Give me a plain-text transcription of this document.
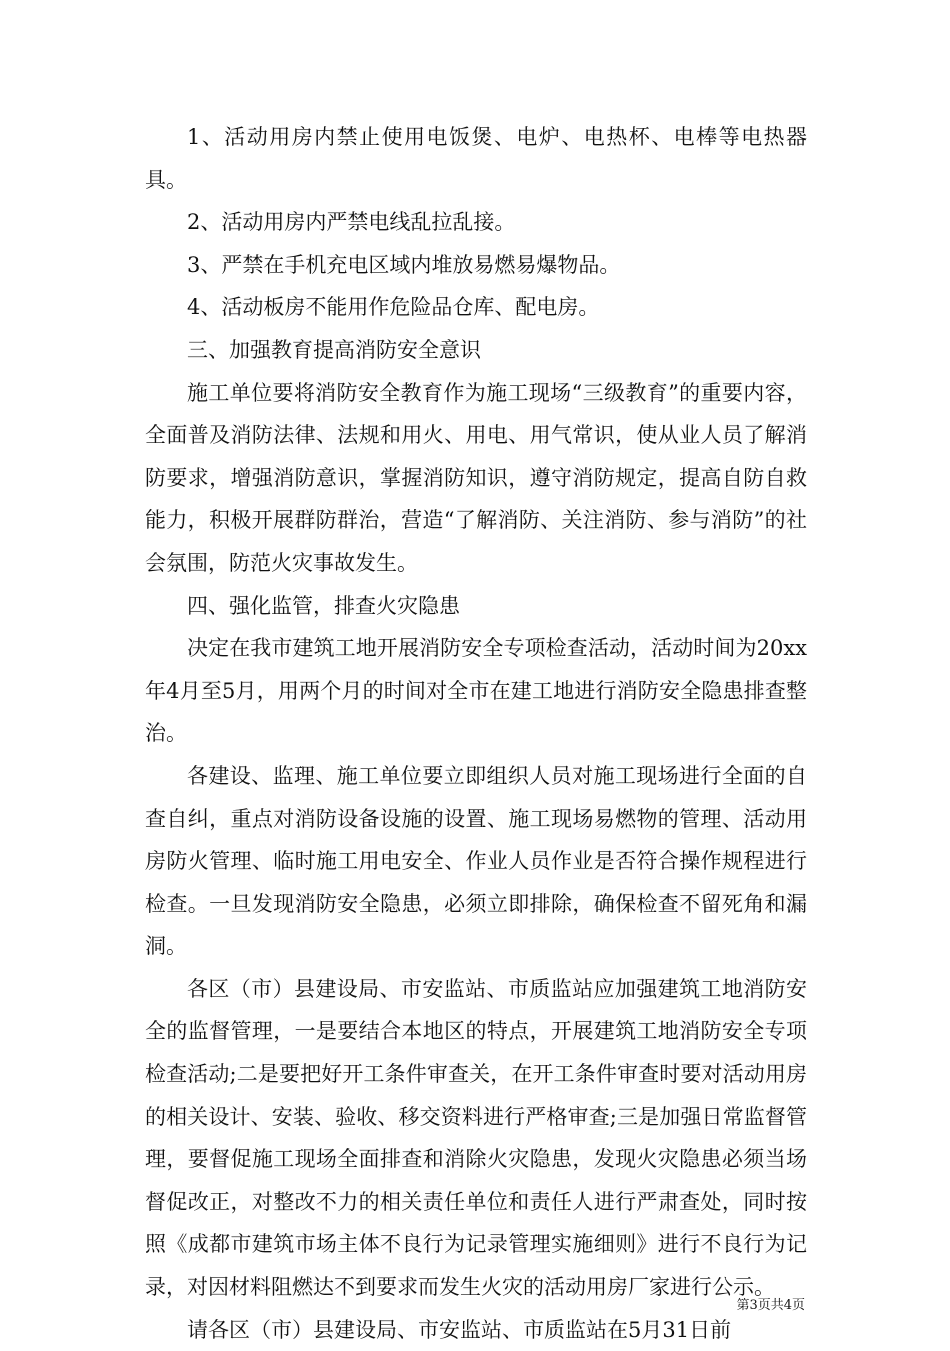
1、活动用房内禁止使用电饭煲、电炉、电热杯、电棒等电热器具。

2、活动用房内严禁电线乱拉乱接。

3、严禁在手机充电区域内堆放易燃易爆物品。

4、活动板房不能用作危险品仓库、配电房。

三、加强教育提高消防安全意识

施工单位要将消防安全教育作为施工现场“三级教育”的重要内容，全面普及消防法律、法规和用火、用电、用气常识，使从业人员了解消防要求，增强消防意识，掌握消防知识，遵守消防规定，提高自防自救能力，积极开展群防群治，营造“了解消防、关注消防、参与消防”的社会氛围，防范火灾事故发生。

四、强化监管，排查火灾隐患

决定在我市建筑工地开展消防安全专项检查活动，活动时间为20xx年4月至5月，用两个月的时间对全市在建工地进行消防安全隐患排查整治。

各建设、监理、施工单位要立即组织人员对施工现场进行全面的自查自纠，重点对消防设备设施的设置、施工现场易燃物的管理、活动用房防火管理、临时施工用电安全、作业人员作业是否符合操作规程进行检查。一旦发现消防安全隐患，必须立即排除，确保检查不留死角和漏洞。

各区（市）县建设局、市安监站、市质监站应加强建筑工地消防安全的监督管理，一是要结合本地区的特点，开展建筑工地消防安全专项检查活动;二是要把好开工条件审查关，在开工条件审查时要对活动用房的相关设计、安装、验收、移交资料进行严格审查;三是加强日常监督管理，要督促施工现场全面排查和消除火灾隐患，发现火灾隐患必须当场督促改正，对整改不力的相关责任单位和责任人进行严肃查处，同时按照《成都市建筑市场主体不良行为记录管理实施细则》进行不良行为记录，对因材料阻燃达不到要求而发生火灾的活动用房厂家进行公示。

请各区（市）县建设局、市安监站、市质监站在5月31日前

第3页共4页
